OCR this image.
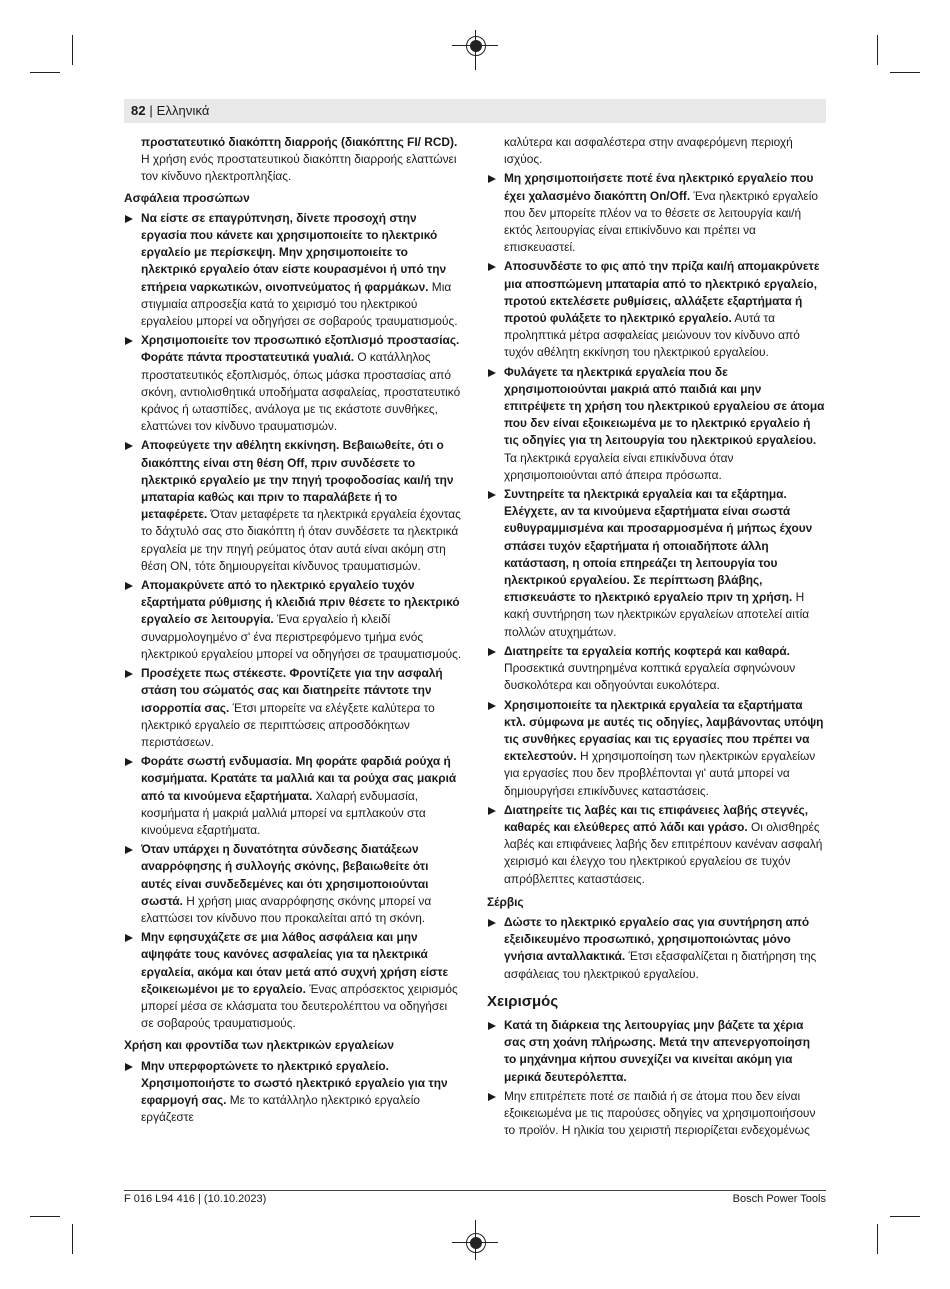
82 | Ελληνικά
προστατευτικό διακόπτη διαρροής (διακόπτης FI/ RCD). Η χρήση ενός προστατευτικού διακόπτη διαρροής ελαττώνει τον κίνδυνο ηλεκτροπληξίας.
Ασφάλεια προσώπων
Να είστε σε επαγρύπνηση, δίνετε προσοχή στην εργασία που κάνετε και χρησιμοποιείτε το ηλεκτρικό εργαλείο με περίσκεψη. Μην χρησιμοποιείτε το ηλεκτρικό εργαλείο όταν είστε κουρασμένοι ή υπό την επήρεια ναρκωτικών, οινοπνεύματος ή φαρμάκων. Μια στιγμιαία απροσεξία κατά το χειρισμό του ηλεκτρικού εργαλείου μπορεί να οδηγήσει σε σοβαρούς τραυματισμούς.
Χρησιμοποιείτε τον προσωπικό εξοπλισμό προστασίας. Φοράτε πάντα προστατευτικά γυαλιά. Ο κατάλληλος προστατευτικός εξοπλισμός, όπως μάσκα προστασίας από σκόνη, αντιολισθητικά υποδήματα ασφαλείας, προστατευτικό κράνος ή ωτασπίδες, ανάλογα με τις εκάστοτε συνθήκες, ελαττώνει τον κίνδυνο τραυματισμών.
Αποφεύγετε την αθέλητη εκκίνηση. Βεβαιωθείτε, ότι ο διακόπτης είναι στη θέση Off, πριν συνδέσετε το ηλεκτρικό εργαλείο με την πηγή τροφοδοσίας και/ή την μπαταρία καθώς και πριν το παραλάβετε ή το μεταφέρετε. Όταν μεταφέρετε τα ηλεκτρικά εργαλεία έχοντας το δάχτυλό σας στο διακόπτη ή όταν συνδέσετε τα ηλεκτρικά εργαλεία με την πηγή ρεύματος όταν αυτά είναι ακόμη στη θέση ON, τότε δημιουργείται κίνδυνος τραυματισμών.
Απομακρύνετε από το ηλεκτρικό εργαλείο τυχόν εξαρτήματα ρύθμισης ή κλειδιά πριν θέσετε το ηλεκτρικό εργαλείο σε λειτουργία. Ένα εργαλείο ή κλειδί συναρμολογημένο σ' ένα περιστρεφόμενο τμήμα ενός ηλεκτρικού εργαλείου μπορεί να οδηγήσει σε τραυματισμούς.
Προσέχετε πως στέκεστε. Φροντίζετε για την ασφαλή στάση του σώματός σας και διατηρείτε πάντοτε την ισορροπία σας. Έτσι μπορείτε να ελέγξετε καλύτερα το ηλεκτρικό εργαλείο σε περιπτώσεις απροσδόκητων περιστάσεων.
Φοράτε σωστή ενδυμασία. Μη φοράτε φαρδιά ρούχα ή κοσμήματα. Κρατάτε τα μαλλιά και τα ρούχα σας μακριά από τα κινούμενα εξαρτήματα. Χαλαρή ενδυμασία, κοσμήματα ή μακριά μαλλιά μπορεί να εμπλακούν στα κινούμενα εξαρτήματα.
Όταν υπάρχει η δυνατότητα σύνδεσης διατάξεων αναρρόφησης ή συλλογής σκόνης, βεβαιωθείτε ότι αυτές είναι συνδεδεμένες και ότι χρησιμοποιούνται σωστά. Η χρήση μιας αναρρόφησης σκόνης μπορεί να ελαττώσει τον κίνδυνο που προκαλείται από τη σκόνη.
Μην εφησυχάζετε σε μια λάθος ασφάλεια και μην αψηφάτε τους κανόνες ασφαλείας για τα ηλεκτρικά εργαλεία, ακόμα και όταν μετά από συχνή χρήση είστε εξοικειωμένοι με το εργαλείο. Ένας απρόσεκτος χειρισμός μπορεί μέσα σε κλάσματα του δευτερολέπτου να οδηγήσει σε σοβαρούς τραυματισμούς.
Χρήση και φροντίδα των ηλεκτρικών εργαλείων
Μην υπερφορτώνετε το ηλεκτρικό εργαλείο. Χρησιμοποιήστε το σωστό ηλεκτρικό εργαλείο για την εφαρμογή σας. Με το κατάλληλο ηλεκτρικό εργαλείο εργάζεστε
καλύτερα και ασφαλέστερα στην αναφερόμενη περιοχή ισχύος.
Μη χρησιμοποιήσετε ποτέ ένα ηλεκτρικό εργαλείο που έχει χαλασμένο διακόπτη On/Off. Ένα ηλεκτρικό εργαλείο που δεν μπορείτε πλέον να το θέσετε σε λειτουργία και/ή εκτός λειτουργίας είναι επικίνδυνο και πρέπει να επισκευαστεί.
Αποσυνδέστε το φις από την πρίζα και/ή απομακρύνετε μια αποσπώμενη μπαταρία από το ηλεκτρικό εργαλείο, προτού εκτελέσετε ρυθμίσεις, αλλάξετε εξαρτήματα ή προτού φυλάξετε το ηλεκτρικό εργαλείο. Αυτά τα προληπτικά μέτρα ασφαλείας μειώνουν τον κίνδυνο από τυχόν αθέλητη εκκίνηση του ηλεκτρικού εργαλείου.
Φυλάγετε τα ηλεκτρικά εργαλεία που δε χρησιμοποιούνται μακριά από παιδιά και μην επιτρέψετε τη χρήση του ηλεκτρικού εργαλείου σε άτομα που δεν είναι εξοικειωμένα με το ηλεκτρικό εργαλείο ή τις οδηγίες για τη λειτουργία του ηλεκτρικού εργαλείου. Τα ηλεκτρικά εργαλεία είναι επικίνδυνα όταν χρησιμοποιούνται από άπειρα πρόσωπα.
Συντηρείτε τα ηλεκτρικά εργαλεία και τα εξάρτημα. Ελέγχετε, αν τα κινούμενα εξαρτήματα είναι σωστά ευθυγραμμισμένα και προσαρμοσμένα ή μήπως έχουν σπάσει τυχόν εξαρτήματα ή οποιαδήποτε άλλη κατάσταση, η οποία επηρεάζει τη λειτουργία του ηλεκτρικού εργαλείου. Σε περίπτωση βλάβης, επισκευάστε το ηλεκτρικό εργαλείο πριν τη χρήση. Η κακή συντήρηση των ηλεκτρικών εργαλείων αποτελεί αιτία πολλών ατυχημάτων.
Διατηρείτε τα εργαλεία κοπής κοφτερά και καθαρά. Προσεκτικά συντηρημένα κοπτικά εργαλεία σφηνώνουν δυσκολότερα και οδηγούνται ευκολότερα.
Χρησιμοποιείτε τα ηλεκτρικά εργαλεία τα εξαρτήματα κτλ. σύμφωνα με αυτές τις οδηγίες, λαμβάνοντας υπόψη τις συνθήκες εργασίας και τις εργασίες που πρέπει να εκτελεστούν. Η χρησιμοποίηση των ηλεκτρικών εργαλείων για εργασίες που δεν προβλέπονται γι' αυτά μπορεί να δημιουργήσει επικίνδυνες καταστάσεις.
Διατηρείτε τις λαβές και τις επιφάνειες λαβής στεγνές, καθαρές και ελεύθερες από λάδι και γράσο. Οι ολισθηρές λαβές και επιφάνειες λαβής δεν επιτρέπουν κανέναν ασφαλή χειρισμό και έλεγχο του ηλεκτρικού εργαλείου σε τυχόν απρόβλεπτες καταστάσεις.
Σέρβις
Δώστε το ηλεκτρικό εργαλείο σας για συντήρηση από εξειδικευμένο προσωπικό, χρησιμοποιώντας μόνο γνήσια ανταλλακτικά. Έτσι εξασφαλίζεται η διατήρηση της ασφάλειας του ηλεκτρικού εργαλείου.
Χειρισμός
Κατά τη διάρκεια της λειτουργίας μην βάζετε τα χέρια σας στη χοάνη πλήρωσης. Μετά την απενεργοποίηση το μηχάνημα κήπου συνεχίζει να κινείται ακόμη για μερικά δευτερόλεπτα.
Μην επιτρέπετε ποτέ σε παιδιά ή σε άτομα που δεν είναι εξοικειωμένα με τις παρούσες οδηγίες να χρησιμοποιήσουν το προϊόν. Η ηλικία του χειριστή περιορίζεται ενδεχομένως
F 016 L94 416 | (10.10.2023)	Bosch Power Tools
